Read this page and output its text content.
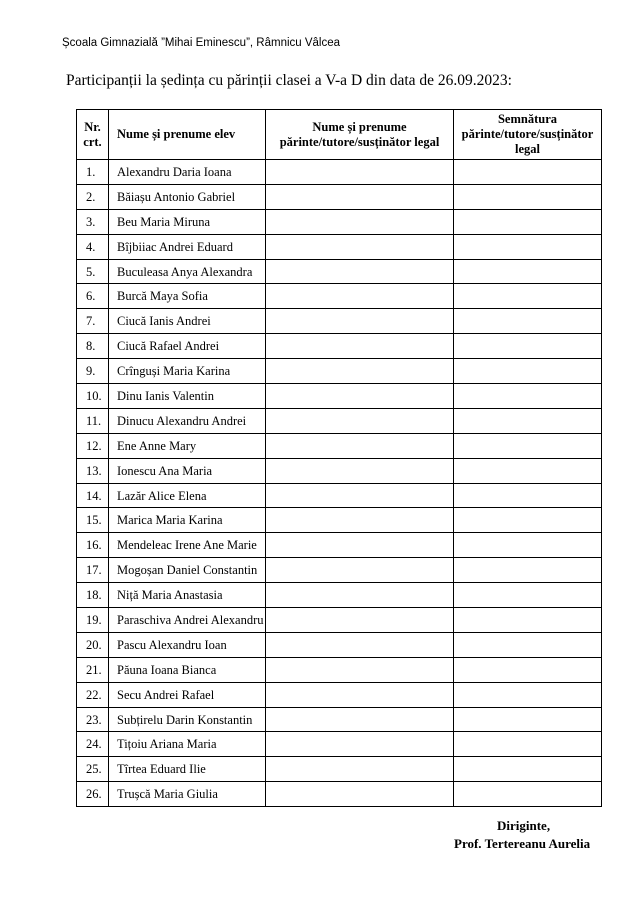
Școala Gimnazială ”Mihai Eminescu”, Râmnicu Vâlcea
Participanții la ședința cu părinții clasei a V-a D din data de 26.09.2023:
Nr. crt.	Nume și prenume elev	Nume și prenume părinte/tutore/susținător legal	Semnătura părinte/tutore/susținător legal
1.	Alexandru Daria Ioana		
2.	Băiașu Antonio Gabriel		
3.	Beu Maria Miruna		
4.	Bîjbiiac Andrei Eduard		
5.	Buculeasa Anya Alexandra		
6.	Burcă Maya Sofia		
7.	Ciucă Ianis Andrei		
8.	Ciucă Rafael Andrei		
9.	Crînguși Maria Karina		
10.	Dinu Ianis Valentin		
11.	Dinucu Alexandru Andrei		
12.	Ene Anne Mary		
13.	Ionescu Ana Maria		
14.	Lazăr Alice Elena		
15.	Marica Maria Karina		
16.	Mendeleac Irene Ane Marie		
17.	Mogoșan Daniel Constantin		
18.	Niță Maria Anastasia		
19.	Paraschiva Andrei Alexandru		
20.	Pascu Alexandru Ioan		
21.	Păuna Ioana Bianca		
22.	Secu Andrei Rafael		
23.	Subțirelu Darin Konstantin		
24.	Tițoiu Ariana Maria		
25.	Tîrtea Eduard Ilie		
26.	Trușcă Maria Giulia		
Diriginte,
Prof. Tertereanu Aurelia
